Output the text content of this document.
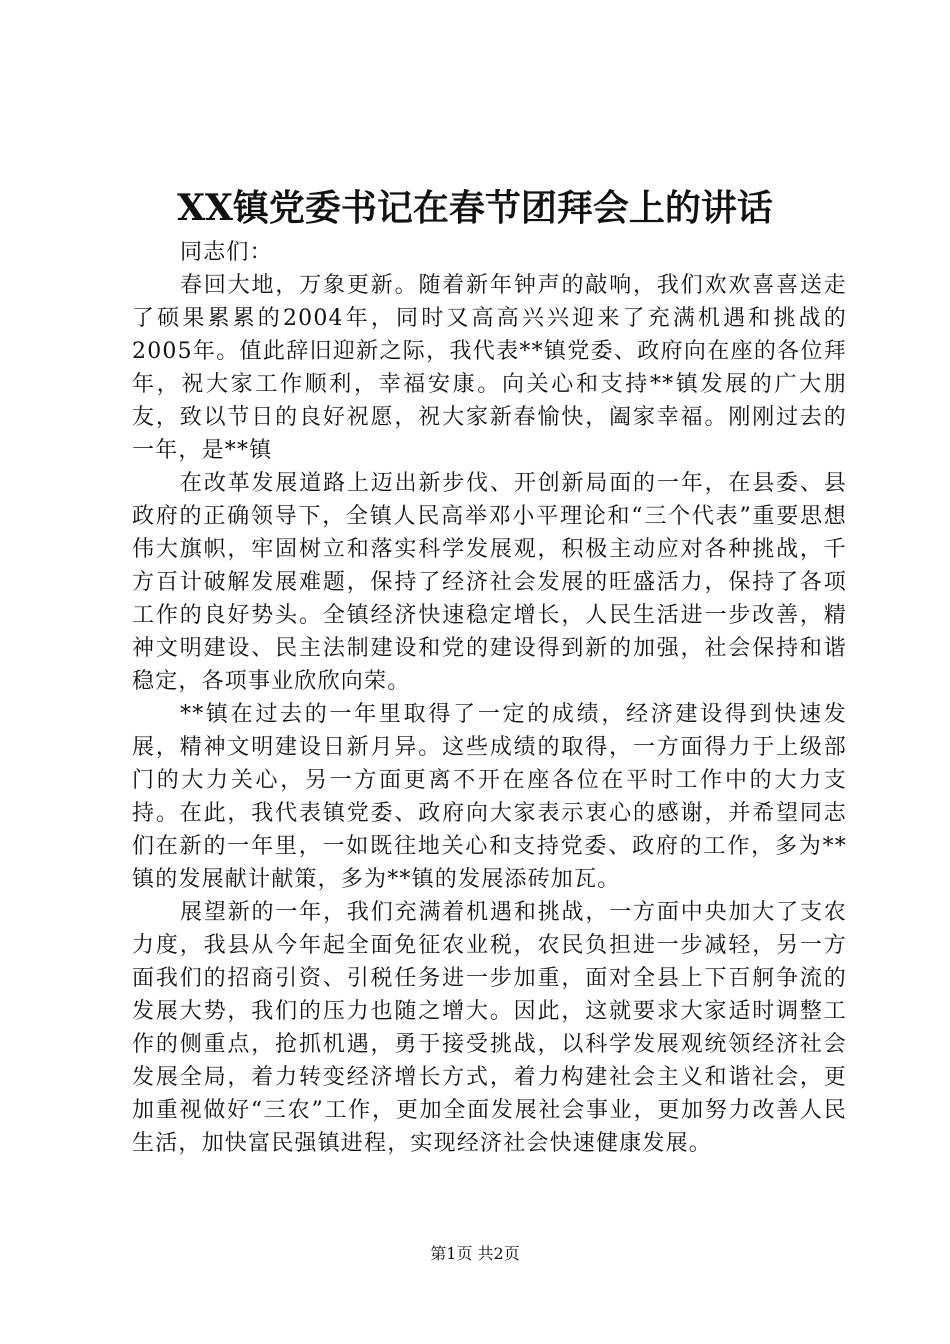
XX镇党委书记在春节团拜会上的讲话

同志们：

春回大地，万象更新。随着新年钟声的敲响，我们欢欢喜喜送走了硕果累累的2004年，同时又高高兴兴迎来了充满机遇和挑战的2005年。值此辞旧迎新之际，我代表**镇党委、政府向在座的各位拜年，祝大家工作顺利，幸福安康。向关心和支持**镇发展的广大朋友，致以节日的良好祝愿，祝大家新春愉快，阖家幸福。刚刚过去的一年，是**镇

在改革发展道路上迈出新步伐、开创新局面的一年，在县委、县政府的正确领导下，全镇人民高举邓小平理论和“三个代表”重要思想伟大旗帜，牢固树立和落实科学发展观，积极主动应对各种挑战，千方百计破解发展难题，保持了经济社会发展的旺盛活力，保持了各项工作的良好势头。全镇经济快速稳定增长，人民生活进一步改善，精神文明建设、民主法制建设和党的建设得到新的加强，社会保持和谐稳定，各项事业欣欣向荣。

**镇在过去的一年里取得了一定的成绩，经济建设得到快速发展，精神文明建设日新月异。这些成绩的取得，一方面得力于上级部门的大力关心，另一方面更离不开在座各位在平时工作中的大力支持。在此，我代表镇党委、政府向大家表示衷心的感谢，并希望同志们在新的一年里，一如既往地关心和支持党委、政府的工作，多为**镇的发展献计献策，多为**镇的发展添砖加瓦。

展望新的一年，我们充满着机遇和挑战，一方面中央加大了支农力度，我县从今年起全面免征农业税，农民负担进一步减轻，另一方面我们的招商引资、引税任务进一步加重，面对全县上下百舸争流的发展大势，我们的压力也随之增大。因此，这就要求大家适时调整工作的侧重点，抢抓机遇，勇于接受挑战，以科学发展观统领经济社会发展全局，着力转变经济增长方式，着力构建社会主义和谐社会，更加重视做好“三农”工作，更加全面发展社会事业，更加努力改善人民生活，加快富民强镇进程，实现经济社会快速健康发展。

第1页 共2页
